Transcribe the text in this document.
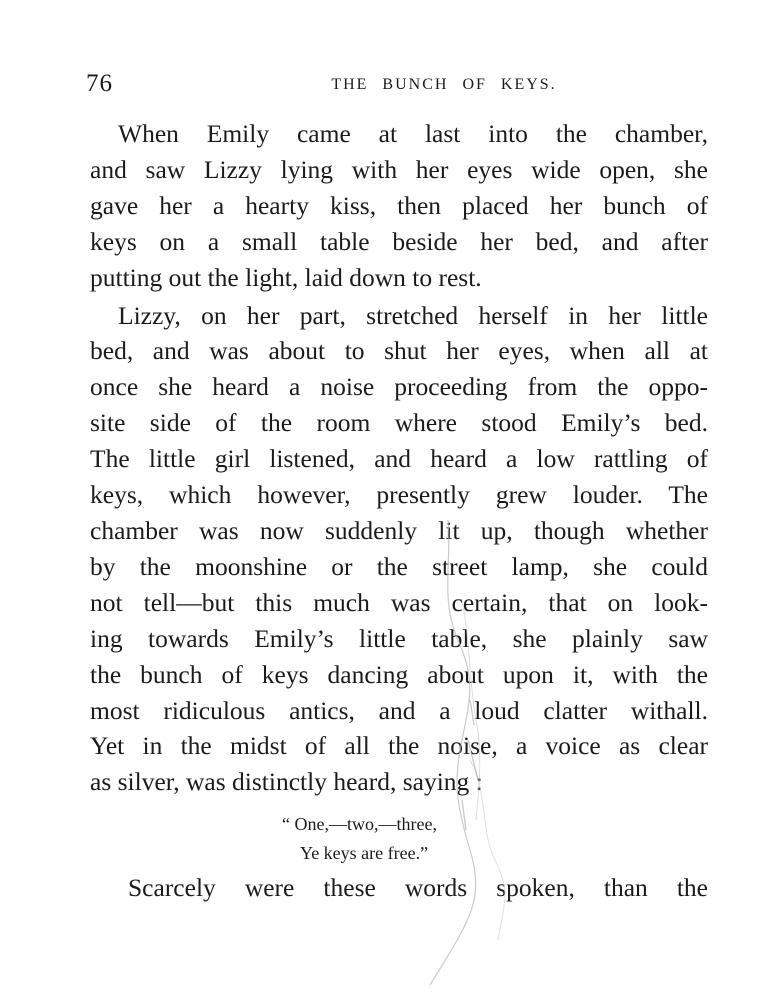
76	THE BUNCH OF KEYS.

When Emily came at last into the chamber,
and saw Lizzy lying with her eyes wide open, she
gave her a hearty kiss, then placed her bunch of
keys on a small table beside her bed, and after
putting out the light, laid down to rest.

Lizzy, on her part, stretched herself in her little
bed, and was about to shut her eyes, when all at
once she heard a noise proceeding from the oppo-
site side of the room where stood Emily’s bed.
The little girl listened, and heard a low rattling of
keys, which however, presently grew louder. The
chamber was now suddenly lit up, though whether
by the moonshine or the street lamp, she could
not tell—but this much was certain, that on look-
ing towards Emily’s little table, she plainly saw
the bunch of keys dancing about upon it, with the
most ridiculous antics, and a loud clatter withall.
Yet in the midst of all the noise, a voice as clear
as silver, was distinctly heard, saying :

“ One,—two,—three,
Ye keys are free.”
Scarcely were these words spoken, than the
